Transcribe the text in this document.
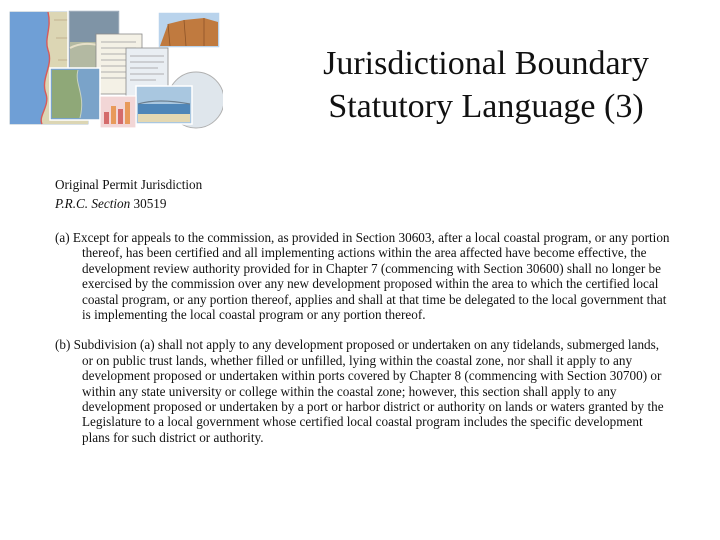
Jurisdictional Boundary
Statutory Language (3)

Original Permit Jurisdiction

P.R.C. Section 30519

(a) Except for appeals to the commission, as provided in Section 30603, after a local coastal program, or any portion thereof, has been certified and all implementing actions within the area affected have become effective, the development review authority provided for in Chapter 7 (commencing with Section 30600) shall no longer be exercised by the commission over any new development proposed within the area to which the certified local coastal program, or any portion thereof, applies and shall at that time be delegated to the local government that is implementing the local coastal program or any portion thereof.

(b) Subdivision (a) shall not apply to any development proposed or undertaken on any tidelands, submerged lands, or on public trust lands, whether filled or unfilled, lying within the coastal zone, nor shall it apply to any development proposed or undertaken within ports covered by Chapter 8 (commencing with Section 30700) or within any state university or college within the coastal zone; however, this section shall apply to any development proposed or undertaken by a port or harbor district or authority on lands or waters granted by the Legislature to a local government whose certified local coastal program includes the specific development plans for such district or authority.
